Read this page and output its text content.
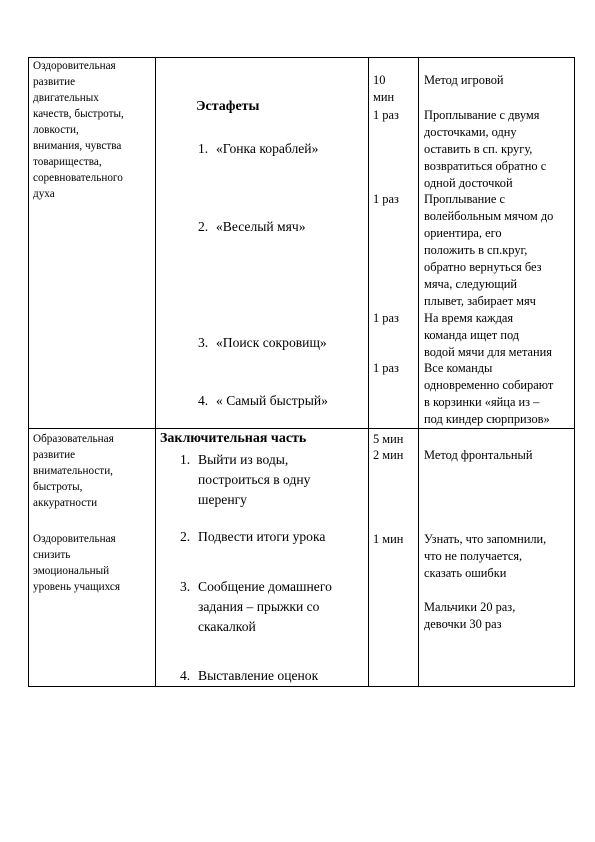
Оздоровительная
развитие
двигательных
качеств, быстроты,
ловкости,
внимания, чувства
товарищества,
соревновательного
духа
Эстафеты
1. «Гонка кораблей»
2. «Веселый мяч»
3. «Поиск сокровищ»
4. « Самый быстрый»
10
мин
1 раз
1 раз
1 раз
1 раз
Метод игровой
Проплывание с двумя
досточками, одну
оставить в сп. кругу,
возвратиться обратно с
одной досточкой
Проплывание с
волейбольным мячом до
ориентира, его
положить в сп.круг,
обратно вернуться без
мяча, следующий
плывет, забирает мяч
На время каждая
команда ищет под
водой мячи для метания
Все команды
одновременно собирают
в корзинки «яйца из –
под киндер сюрпризов»
Образовательная
развитие
внимательности,
быстроты,
аккуратности
Оздоровительная
снизить
эмоциональный
уровень учащихся
Заключительная часть
1. Выйти из воды,
построиться в одну
шеренгу
2. Подвести итоги урока
3. Сообщение домашнего
задания – прыжки со
скакалкой
4. Выставление оценок
5 мин
2 мин
1 мин
Метод фронтальный
Узнать, что запомнили,
что не получается,
сказать ошибки
Мальчики 20 раз,
девочки 30 раз
